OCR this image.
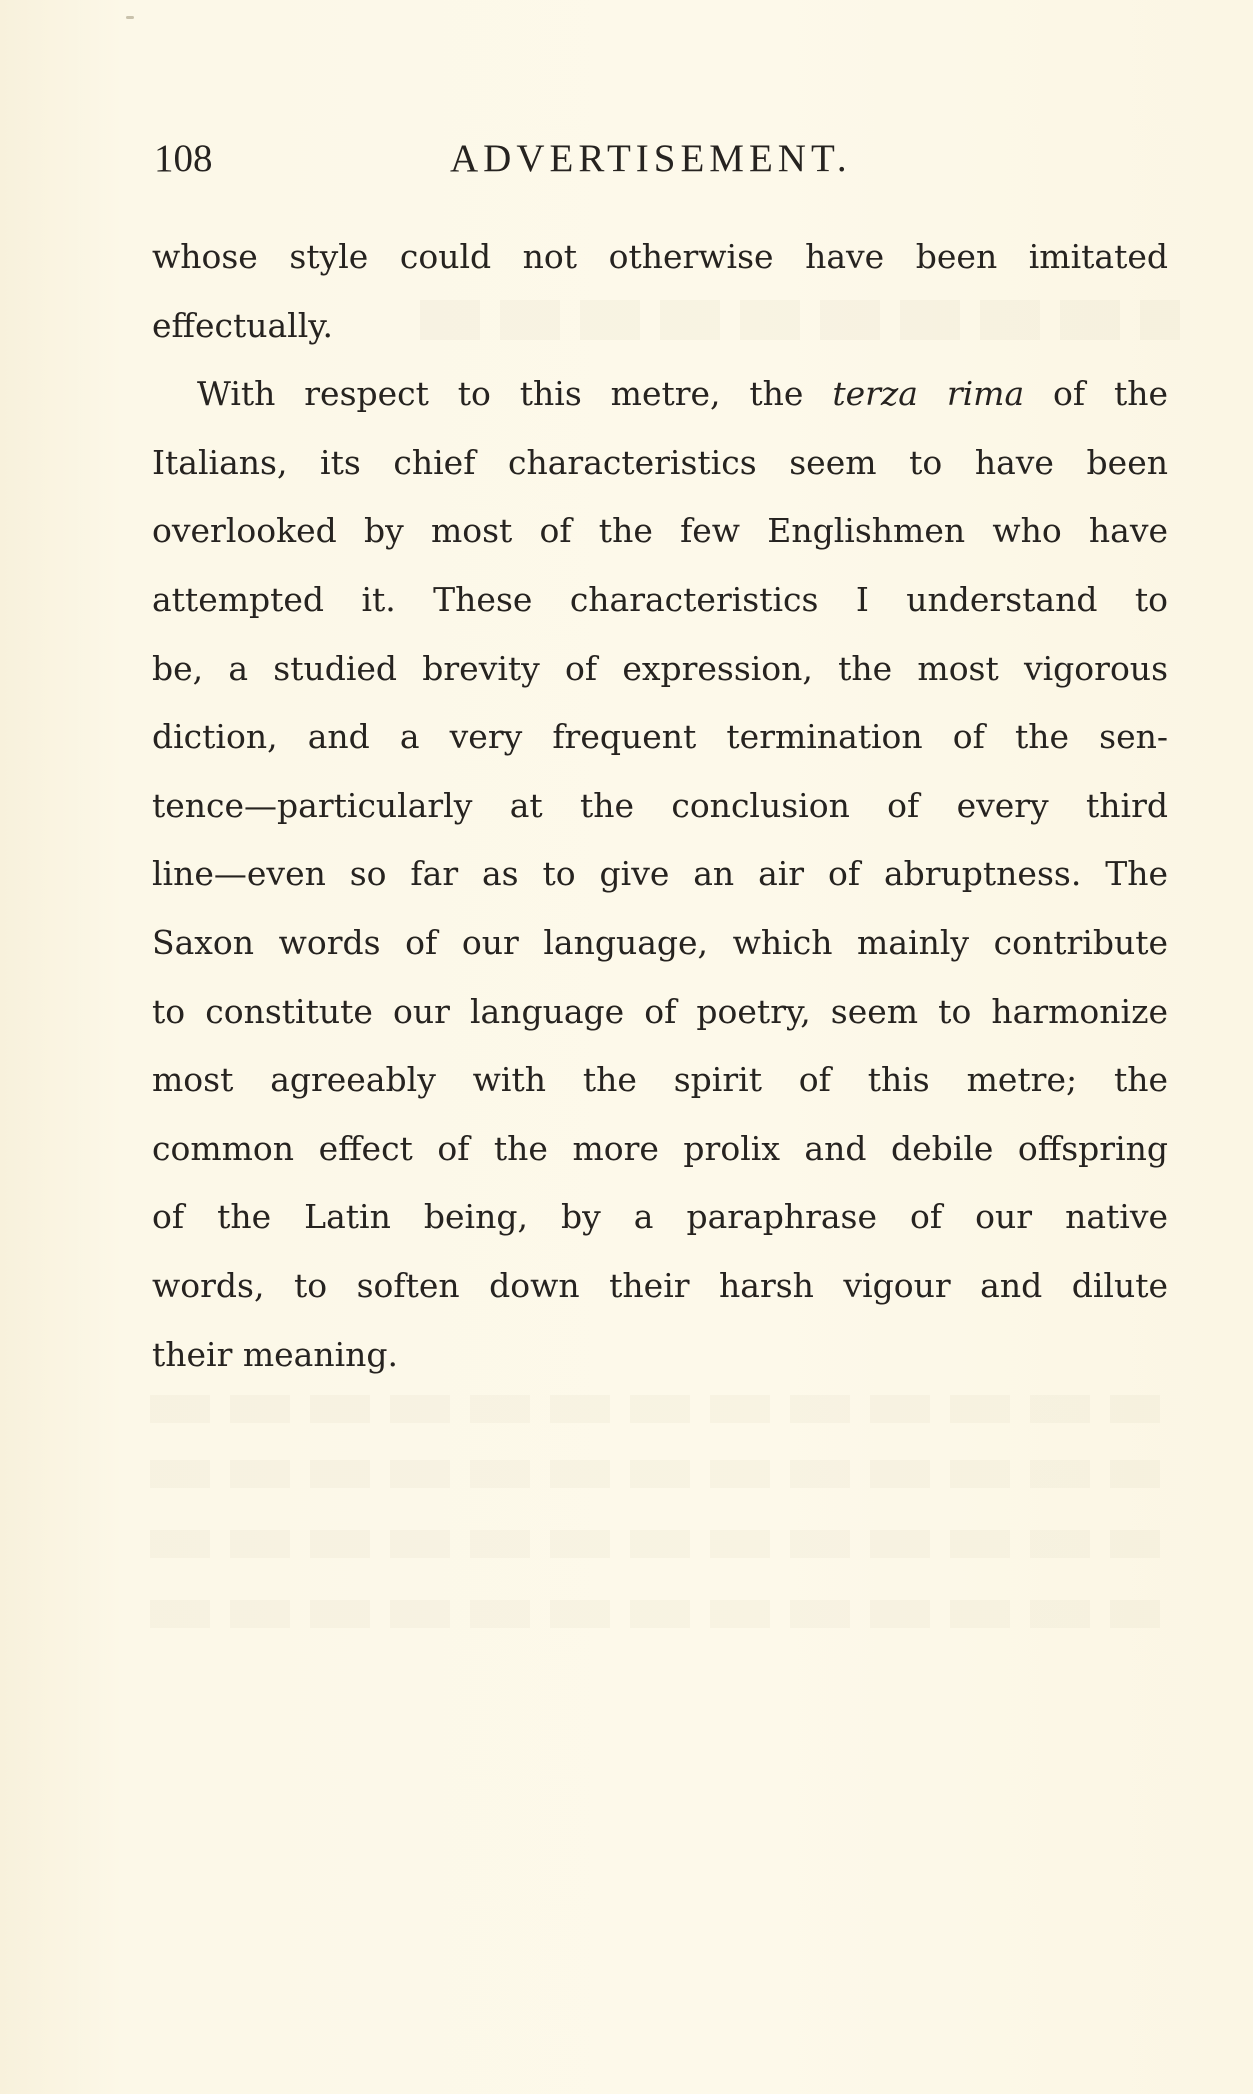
108	ADVERTISEMENT.
whose style could not otherwise have been imitated
effectually.
With respect to this metre, the terza rima of the
Italians, its chief characteristics seem to have been
overlooked by most of the few Englishmen who have
attempted it. These characteristics I understand to
be, a studied brevity of expression, the most vigorous
diction, and a very frequent termination of the sen-
tence—particularly at the conclusion of every third
line—even so far as to give an air of abruptness. The
Saxon words of our language, which mainly contribute
to constitute our language of poetry, seem to harmonize
most agreeably with the spirit of this metre; the
common effect of the more prolix and debile offspring
of the Latin being, by a paraphrase of our native
words, to soften down their harsh vigour and dilute
their meaning.
